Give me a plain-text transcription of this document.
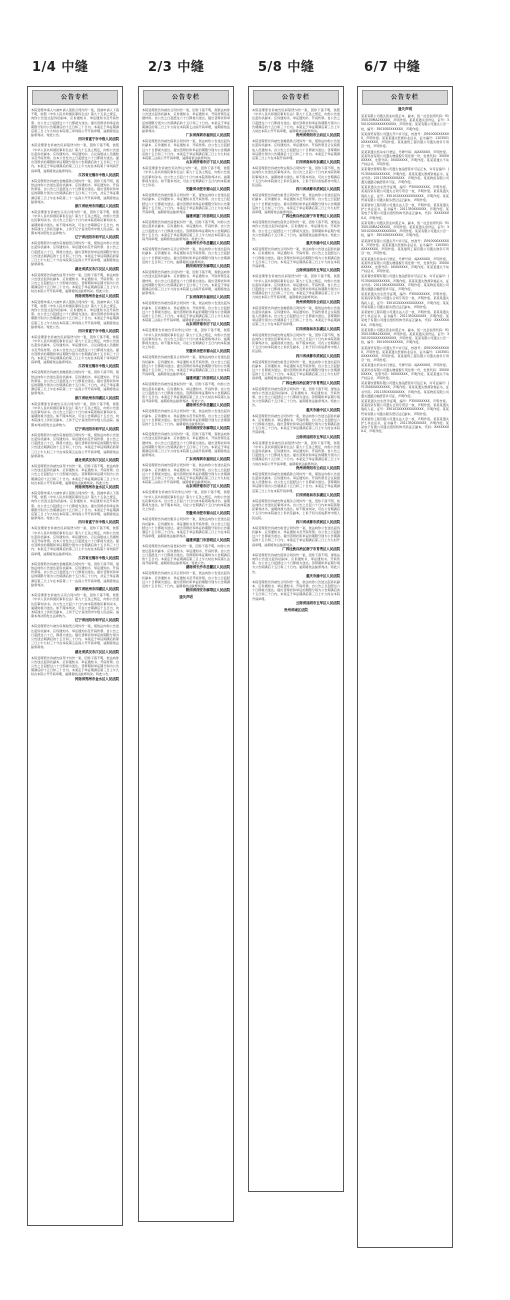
1/4 中缝
公告专栏
本院受理申请人与被申请人借款合同纠纷一案，因被申请人下落不明，依照《中华人民共和国民事诉讼法》第九十五条之规定，向你公告送达起诉状副本、应诉通知书、举证通知书及开庭传票。自公告之日起经过六十日即视为送达。提出答辩状和举证的期限分别为公告期满后的十五日和三十日内。本案定于举证期满后第三日上午九时在本院第三审判庭公开开庭审理，逾期将依法缺席判决。特此公告。
四川省遂宁市中级人民法院
本院受理原告诉被告民间借贷纠纷一案，因你下落不明，依照《中华人民共和国民事诉讼法》第九十五条之规定，向你公告送达起诉状副本、应诉通知书、举证通知书、合议庭组成人员通知书及开庭传票。自本公告发出之日起经过六十日即视为送达。提出答辩状的期限和举证期限分别为公告期满后的十五日和三十日内。本案定于举证期满后的第三日上午九时在本院第十审判庭开庭审理，逾期将依法缺席判决。
江苏省无锡市中级人民法院
本院受理原告诉被告金融借款合同纠纷一案，因你下落不明，现依法向你公告送达起诉状副本、应诉通知书、举证通知书、开庭传票等。自公告之日起经过六十日即视为送达。提出答辩状和举证的期限分别为公告期满后的十五日和三十日内，并定于举证期满后第三日上午在本院第二十一法庭公开开庭审理，逾期将依法缺席判决。
浙江省杭州市西湖区人民法院
本院受理原告诉被告买卖合同纠纷一案，因你下落不明，依照《中华人民共和国民事诉讼法》第九十五条之规定，向你公告送达民事判决书。自公告之日起六十日内来本院领取民事判决书，逾期则视为送达。如不服本判决，可在公告期满后十五日内，向本院递交上诉状及副本，上诉于辽宁省沈阳市中级人民法院。逾期本判决即发生法律效力。
辽宁省沈阳市和平区人民法院
本院受理原告与被告房屋租赁合同纠纷一案，现依法向你公告送达起诉状副本、应诉通知书、举证通知书及开庭传票。自公告之日起经过六十日，即视为送达。提出答辩状和举证的期限分别为公告送达期满后的十五日和三十日内。本案定于举证期满后的第三日上午九时三十分在本院第五法庭公开开庭审理，逾期将依法缺席裁判。
湖北省武汉市江汉区人民法院
本院受理原告诉被告信用卡纠纷一案，因你下落不明，依法向你公告送达起诉状副本、应诉通知书、举证通知书、开庭传票。自公告之日起经过六十日即视为送达。答辩期和举证期分别为公告期满后的十五日和三十日内。本案定于举证期满后第三日上午九时在本院公开开庭审理，逾期将依法缺席判决。特此公告。
河南省郑州市金水区人民法院
本院受理申请人与被申请人借款合同纠纷一案，因被申请人下落不明，依照《中华人民共和国民事诉讼法》第九十五条之规定，向你公告送达起诉状副本、应诉通知书、举证通知书及开庭传票。自公告之日起经过六十日即视为送达。提出答辩状和举证的期限分别为公告期满后的十五日和三十日内。本案定于举证期满后第三日上午九时在本院第三审判庭公开开庭审理，逾期将依法缺席判决。特此公告。
四川省遂宁市中级人民法院
本院受理原告诉被告民间借贷纠纷一案，因你下落不明，依照《中华人民共和国民事诉讼法》第九十五条之规定，向你公告送达起诉状副本、应诉通知书、举证通知书、合议庭组成人员通知书及开庭传票。自本公告发出之日起经过六十日即视为送达。提出答辩状的期限和举证期限分别为公告期满后的十五日和三十日内。本案定于举证期满后的第三日上午九时在本院第十审判庭开庭审理，逾期将依法缺席判决。
江苏省无锡市中级人民法院
本院受理原告诉被告金融借款合同纠纷一案，因你下落不明，现依法向你公告送达起诉状副本、应诉通知书、举证通知书、开庭传票等。自公告之日起经过六十日即视为送达。提出答辩状和举证的期限分别为公告期满后的十五日和三十日内，并定于举证期满后第三日上午在本院第二十一法庭公开开庭审理，逾期将依法缺席判决。
浙江省杭州市西湖区人民法院
本院受理原告诉被告买卖合同纠纷一案，因你下落不明，依照《中华人民共和国民事诉讼法》第九十五条之规定，向你公告送达民事判决书。自公告之日起六十日内来本院领取民事判决书，逾期则视为送达。如不服本判决，可在公告期满后十五日内，向本院递交上诉状及副本，上诉于辽宁省沈阳市中级人民法院。逾期本判决即发生法律效力。
辽宁省沈阳市和平区人民法院
本院受理原告与被告房屋租赁合同纠纷一案，现依法向你公告送达起诉状副本、应诉通知书、举证通知书及开庭传票。自公告之日起经过六十日，即视为送达。提出答辩状和举证的期限分别为公告送达期满后的十五日和三十日内。本案定于举证期满后的第三日上午九时三十分在本院第五法庭公开开庭审理，逾期将依法缺席裁判。
湖北省武汉市江汉区人民法院
本院受理原告诉被告信用卡纠纷一案，因你下落不明，依法向你公告送达起诉状副本、应诉通知书、举证通知书、开庭传票。自公告之日起经过六十日即视为送达。答辩期和举证期分别为公告期满后的十五日和三十日内。本案定于举证期满后第三日上午九时在本院公开开庭审理，逾期将依法缺席判决。特此公告。
河南省郑州市金水区人民法院
本院受理申请人与被申请人借款合同纠纷一案，因被申请人下落不明，依照《中华人民共和国民事诉讼法》第九十五条之规定，向你公告送达起诉状副本、应诉通知书、举证通知书及开庭传票。自公告之日起经过六十日即视为送达。提出答辩状和举证的期限分别为公告期满后的十五日和三十日内。本案定于举证期满后第三日上午九时在本院第三审判庭公开开庭审理，逾期将依法缺席判决。特此公告。
四川省遂宁市中级人民法院
本院受理原告诉被告民间借贷纠纷一案，因你下落不明，依照《中华人民共和国民事诉讼法》第九十五条之规定，向你公告送达起诉状副本、应诉通知书、举证通知书、合议庭组成人员通知书及开庭传票。自本公告发出之日起经过六十日即视为送达。提出答辩状的期限和举证期限分别为公告期满后的十五日和三十日内。本案定于举证期满后的第三日上午九时在本院第十审判庭开庭审理，逾期将依法缺席判决。
江苏省无锡市中级人民法院
本院受理原告诉被告金融借款合同纠纷一案，因你下落不明，现依法向你公告送达起诉状副本、应诉通知书、举证通知书、开庭传票等。自公告之日起经过六十日即视为送达。提出答辩状和举证的期限分别为公告期满后的十五日和三十日内，并定于举证期满后第三日上午在本院第二十一法庭公开开庭审理，逾期将依法缺席判决。
浙江省杭州市西湖区人民法院
本院受理原告诉被告买卖合同纠纷一案，因你下落不明，依照《中华人民共和国民事诉讼法》第九十五条之规定，向你公告送达民事判决书。自公告之日起六十日内来本院领取民事判决书，逾期则视为送达。如不服本判决，可在公告期满后十五日内，向本院递交上诉状及副本，上诉于辽宁省沈阳市中级人民法院。逾期本判决即发生法律效力。
辽宁省沈阳市和平区人民法院
本院受理原告与被告房屋租赁合同纠纷一案，现依法向你公告送达起诉状副本、应诉通知书、举证通知书及开庭传票。自公告之日起经过六十日，即视为送达。提出答辩状和举证的期限分别为公告送达期满后的十五日和三十日内。本案定于举证期满后的第三日上午九时三十分在本院第五法庭公开开庭审理，逾期将依法缺席裁判。
湖北省武汉市江汉区人民法院
本院受理原告诉被告信用卡纠纷一案，因你下落不明，依法向你公告送达起诉状副本、应诉通知书、举证通知书、开庭传票。自公告之日起经过六十日即视为送达。答辩期和举证期分别为公告期满后的十五日和三十日内。本案定于举证期满后第三日上午九时在本院公开开庭审理，逾期将依法缺席判决。特此公告。
河南省郑州市金水区人民法院
2/3 中缝
公告专栏
本院受理原告诉被告合同纠纷一案，因你下落不明，现依法向你公告送达起诉状副本、应诉通知书、举证通知书、开庭传票及证据材料。自公告之日起经过六十日即视为送达。提出答辩状和举证的期限分别为公告期满后的十五日和三十日内。本案定于举证期满后的第三日上午九时在本院第七法庭开庭审理，逾期将依法缺席判决。
广东省深圳市福田区人民法院
本院受理原告诉被告借款合同纠纷一案，依法向你公告送达起诉状副本、应诉通知书、举证通知书、开庭传票。自公告之日起经过六十日即视为送达。提出答辩状和举证的期限分别为公告期满后的十五日和三十日内。本案定于举证期满后第三日上午九时在本院第三法庭公开开庭审理，逾期将依法缺席判决。
山东省济南市历下区人民法院
本院受理原告诉被告劳动争议纠纷一案，因你下落不明，依照《中华人民共和国民事诉讼法》第九十五条之规定，向你公告送达民事判决书。自公告之日起六十日内来本院领取判决书，逾期即视为送达。如不服本判决，可在公告期满后十五日内向本院递交上诉状。
安徽省合肥市蜀山区人民法院
本院受理原告诉被告服务合同纠纷一案，现依法向你公告送达起诉状副本、应诉通知书、举证通知书及开庭传票。自公告之日起经过六十日即视为送达。提出答辩状和举证的期限分别为公告期满后十五日和三十日内。本案定于举证期满后第三日上午在本院开庭审理，逾期将依法缺席判决。
福建省厦门市思明区人民法院
本院受理原告诉被告追偿权纠纷一案，因你下落不明，向你公告送达起诉状副本、应诉通知书、举证通知书、开庭传票。自公告之日起经过六十日即视为送达。答辩期和举证期均为公告期满后的十五日内。本案定于举证期满后第三日上午九时在本院第九法庭开庭审理，逾期将依法缺席判决。特此公告。
湖南省长沙市岳麓区人民法院
本院受理原告诉被告买卖合同纠纷一案，依法向你公告送达起诉状副本、应诉通知书、举证通知书及开庭传票。自公告之日起经过六十日即视为送达。提出答辩状和举证的期限分别为公告期满后的十五日和三十日内。逾期将依法缺席判决。
陕西省西安市雁塔区人民法院
本院受理原告诉被告合同纠纷一案，因你下落不明，现依法向你公告送达起诉状副本、应诉通知书、举证通知书、开庭传票及证据材料。自公告之日起经过六十日即视为送达。提出答辩状和举证的期限分别为公告期满后的十五日和三十日内。本案定于举证期满后的第三日上午九时在本院第七法庭开庭审理，逾期将依法缺席判决。
广东省深圳市福田区人民法院
本院受理原告诉被告借款合同纠纷一案，依法向你公告送达起诉状副本、应诉通知书、举证通知书、开庭传票。自公告之日起经过六十日即视为送达。提出答辩状和举证的期限分别为公告期满后的十五日和三十日内。本案定于举证期满后第三日上午九时在本院第三法庭公开开庭审理，逾期将依法缺席判决。
山东省济南市历下区人民法院
本院受理原告诉被告劳动争议纠纷一案，因你下落不明，依照《中华人民共和国民事诉讼法》第九十五条之规定，向你公告送达民事判决书。自公告之日起六十日内来本院领取判决书，逾期即视为送达。如不服本判决，可在公告期满后十五日内向本院递交上诉状。
安徽省合肥市蜀山区人民法院
本院受理原告诉被告服务合同纠纷一案，现依法向你公告送达起诉状副本、应诉通知书、举证通知书及开庭传票。自公告之日起经过六十日即视为送达。提出答辩状和举证的期限分别为公告期满后十五日和三十日内。本案定于举证期满后第三日上午在本院开庭审理，逾期将依法缺席判决。
福建省厦门市思明区人民法院
本院受理原告诉被告追偿权纠纷一案，因你下落不明，向你公告送达起诉状副本、应诉通知书、举证通知书、开庭传票。自公告之日起经过六十日即视为送达。答辩期和举证期均为公告期满后的十五日内。本案定于举证期满后第三日上午九时在本院第九法庭开庭审理，逾期将依法缺席判决。特此公告。
湖南省长沙市岳麓区人民法院
本院受理原告诉被告买卖合同纠纷一案，依法向你公告送达起诉状副本、应诉通知书、举证通知书及开庭传票。自公告之日起经过六十日即视为送达。提出答辩状和举证的期限分别为公告期满后的十五日和三十日内。逾期将依法缺席判决。
陕西省西安市雁塔区人民法院
本院受理原告诉被告合同纠纷一案，因你下落不明，现依法向你公告送达起诉状副本、应诉通知书、举证通知书、开庭传票及证据材料。自公告之日起经过六十日即视为送达。提出答辩状和举证的期限分别为公告期满后的十五日和三十日内。本案定于举证期满后的第三日上午九时在本院第七法庭开庭审理，逾期将依法缺席判决。
广东省深圳市福田区人民法院
本院受理原告诉被告借款合同纠纷一案，依法向你公告送达起诉状副本、应诉通知书、举证通知书、开庭传票。自公告之日起经过六十日即视为送达。提出答辩状和举证的期限分别为公告期满后的十五日和三十日内。本案定于举证期满后第三日上午九时在本院第三法庭公开开庭审理，逾期将依法缺席判决。
山东省济南市历下区人民法院
本院受理原告诉被告劳动争议纠纷一案，因你下落不明，依照《中华人民共和国民事诉讼法》第九十五条之规定，向你公告送达民事判决书。自公告之日起六十日内来本院领取判决书，逾期即视为送达。如不服本判决，可在公告期满后十五日内向本院递交上诉状。
安徽省合肥市蜀山区人民法院
本院受理原告诉被告服务合同纠纷一案，现依法向你公告送达起诉状副本、应诉通知书、举证通知书及开庭传票。自公告之日起经过六十日即视为送达。提出答辩状和举证的期限分别为公告期满后十五日和三十日内。本案定于举证期满后第三日上午在本院开庭审理，逾期将依法缺席判决。
福建省厦门市思明区人民法院
本院受理原告诉被告追偿权纠纷一案，因你下落不明，向你公告送达起诉状副本、应诉通知书、举证通知书、开庭传票。自公告之日起经过六十日即视为送达。答辩期和举证期均为公告期满后的十五日内。本案定于举证期满后第三日上午九时在本院第九法庭开庭审理，逾期将依法缺席判决。特此公告。
湖南省长沙市岳麓区人民法院
本院受理原告诉被告买卖合同纠纷一案，依法向你公告送达起诉状副本、应诉通知书、举证通知书及开庭传票。自公告之日起经过六十日即视为送达。提出答辩状和举证的期限分别为公告期满后的十五日和三十日内。逾期将依法缺席判决。
陕西省西安市雁塔区人民法院
遗失声明
5/8 中缝
公告专栏
本院受理原告诉被告民间借贷纠纷一案，因你下落不明，依照《中华人民共和国民事诉讼法》第九十五条之规定，向你公告送达起诉状副本、应诉通知书、举证通知书、开庭传票。自公告之日起经过六十日即视为送达。提出答辩状和举证的期限分别为公告期满后的十五日和三十日内。本案定于举证期满后第三日上午九时在本院公开开庭审理，逾期将依法缺席判决。
贵州省贵阳市云岩区人民法院
本院受理原告诉被告金融借款合同纠纷一案，现依法向你公告送达起诉状副本、应诉通知书、举证通知书、开庭传票及合议庭组成人员通知书。自公告之日起经过六十日即视为送达。答辩期和举证期分别为公告期满后十五日和三十日内。本案定于举证期满后第三日上午在本院开庭审理。
江西省南昌市东湖区人民法院
本院受理原告诉被告物业服务合同纠纷一案，因你下落不明，依法向你公告送达民事判决书。自公告之日起六十日内来本院领取民事判决书，逾期则视为送达。如不服本判决，可在公告期满后十五日内向本院递交上诉状及副本，上诉于四川省成都市中级人民法院。
四川省成都市武侯区人民法院
本院受理原告诉被告租赁合同纠纷一案，依法向你公告送达起诉状副本、应诉通知书、举证通知书及开庭传票。自公告之日起经过六十日即视为送达。提出答辩状和举证的期限分别为公告期满后的十五日和三十日内。本案定于举证期满后第三日上午九时开庭审理，逾期将依法缺席判决。
广西壮族自治区南宁市青秀区人民法院
本院受理原告诉被告借款合同纠纷一案，因你下落不明，现依法向你公告送达起诉状副本、应诉通知书、举证通知书、开庭传票。自公告之日起经过六十日即视为送达。答辩期和举证期分别为公告期满后十五日和三十日内。逾期将依法缺席判决。特此公告。
重庆市渝中区人民法院
本院受理原告诉被告合同纠纷一案，依法向你公告送达起诉状副本、应诉通知书、举证通知书、开庭传票。自公告之日起经过六十日即视为送达。提出答辩状和举证的期限分别为公告期满后的十五日和三十日内。本案定于举证期满后第三日上午九时在本院开庭审理。
云南省昆明市五华区人民法院
本院受理原告诉被告民间借贷纠纷一案，因你下落不明，依照《中华人民共和国民事诉讼法》第九十五条之规定，向你公告送达起诉状副本、应诉通知书、举证通知书、开庭传票。自公告之日起经过六十日即视为送达。提出答辩状和举证的期限分别为公告期满后的十五日和三十日内。本案定于举证期满后第三日上午九时在本院公开开庭审理，逾期将依法缺席判决。
贵州省贵阳市云岩区人民法院
本院受理原告诉被告金融借款合同纠纷一案，现依法向你公告送达起诉状副本、应诉通知书、举证通知书、开庭传票及合议庭组成人员通知书。自公告之日起经过六十日即视为送达。答辩期和举证期分别为公告期满后十五日和三十日内。本案定于举证期满后第三日上午在本院开庭审理。
江西省南昌市东湖区人民法院
本院受理原告诉被告物业服务合同纠纷一案，因你下落不明，依法向你公告送达民事判决书。自公告之日起六十日内来本院领取民事判决书，逾期则视为送达。如不服本判决，可在公告期满后十五日内向本院递交上诉状及副本，上诉于四川省成都市中级人民法院。
四川省成都市武侯区人民法院
本院受理原告诉被告租赁合同纠纷一案，依法向你公告送达起诉状副本、应诉通知书、举证通知书及开庭传票。自公告之日起经过六十日即视为送达。提出答辩状和举证的期限分别为公告期满后的十五日和三十日内。本案定于举证期满后第三日上午九时开庭审理，逾期将依法缺席判决。
广西壮族自治区南宁市青秀区人民法院
本院受理原告诉被告借款合同纠纷一案，因你下落不明，现依法向你公告送达起诉状副本、应诉通知书、举证通知书、开庭传票。自公告之日起经过六十日即视为送达。答辩期和举证期分别为公告期满后十五日和三十日内。逾期将依法缺席判决。特此公告。
重庆市渝中区人民法院
本院受理原告诉被告合同纠纷一案，依法向你公告送达起诉状副本、应诉通知书、举证通知书、开庭传票。自公告之日起经过六十日即视为送达。提出答辩状和举证的期限分别为公告期满后的十五日和三十日内。本案定于举证期满后第三日上午九时在本院开庭审理。
云南省昆明市五华区人民法院
本院受理原告诉被告民间借贷纠纷一案，因你下落不明，依照《中华人民共和国民事诉讼法》第九十五条之规定，向你公告送达起诉状副本、应诉通知书、举证通知书、开庭传票。自公告之日起经过六十日即视为送达。提出答辩状和举证的期限分别为公告期满后的十五日和三十日内。本案定于举证期满后第三日上午九时在本院公开开庭审理，逾期将依法缺席判决。
贵州省贵阳市云岩区人民法院
本院受理原告诉被告金融借款合同纠纷一案，现依法向你公告送达起诉状副本、应诉通知书、举证通知书、开庭传票及合议庭组成人员通知书。自公告之日起经过六十日即视为送达。答辩期和举证期分别为公告期满后十五日和三十日内。本案定于举证期满后第三日上午在本院开庭审理。
江西省南昌市东湖区人民法院
本院受理原告诉被告物业服务合同纠纷一案，因你下落不明，依法向你公告送达民事判决书。自公告之日起六十日内来本院领取民事判决书，逾期则视为送达。如不服本判决，可在公告期满后十五日内向本院递交上诉状及副本，上诉于四川省成都市中级人民法院。
四川省成都市武侯区人民法院
本院受理原告诉被告租赁合同纠纷一案，依法向你公告送达起诉状副本、应诉通知书、举证通知书及开庭传票。自公告之日起经过六十日即视为送达。提出答辩状和举证的期限分别为公告期满后的十五日和三十日内。本案定于举证期满后第三日上午九时开庭审理，逾期将依法缺席判决。
广西壮族自治区南宁市青秀区人民法院
本院受理原告诉被告借款合同纠纷一案，因你下落不明，现依法向你公告送达起诉状副本、应诉通知书、举证通知书、开庭传票。自公告之日起经过六十日即视为送达。答辩期和举证期分别为公告期满后十五日和三十日内。逾期将依法缺席判决。特此公告。
重庆市渝中区人民法院
本院受理原告诉被告合同纠纷一案，依法向你公告送达起诉状副本、应诉通知书、举证通知书、开庭传票。自公告之日起经过六十日即视为送达。提出答辩状和举证的期限分别为公告期满后的十五日和三十日内。本案定于举证期满后第三日上午九时在本院开庭审理。
云南省昆明市五华区人民法院
贵州省城区法院
6/7 中缝
公告专栏
遗失声明
某某有限公司遗失营业执照正本、副本，统一社会信用代码：91350100MA2XXXXX，声明作废。某某某遗失身份证，证号：350102XXXXXXXXXXXX，声明作废。某某有限公司遗失公章一枚，编号：3501000XXXXXX，声明作废。
某某商贸有限公司遗失开户许可证，核准号：J3910000XXXXXX，声明作废。某某某遗失医师执业证书，证书编号：1103501XXXXXXXX，声明作废。某某建筑工程有限公司遗失财务专用章一枚，声明作废。
某某某遗失机动车行驶证，号牌号码：闽AXXXXX，声明作废。某某科技有限公司遗失增值税专用发票一份，发票代码：3500XXXXXX，发票号码：0XXXXXXX，声明作废。某某某遗失不动产权证书，声明作废。
某某餐饮管理有限公司遗失食品经营许可证正本，许可证编号：JY1350XXXXXXXXX，声明作废。某某某遗失教师资格证书，证书号码：2011350XXXXXXXX，声明作废。某某物流有限公司遗失道路运输经营许可证，声明作废。
某某某遗失出生医学证明，编号：P350XXXXXX，声明作废。某某投资有限公司遗失合同专用章一枚，声明作废。某某某遗失残疾人证，证号：350102XXXXXXXXXXXX，声明作废。某某贸易有限公司遗失税务登记证正副本，声明作废。
某某装饰工程有限公司遗失法人章一枚，声明作废。某某某遗失护士执业证书，证书编号：2011350XXXXXX，声明作废。某某电子有限公司遗失组织机构代码证正副本，代码：XXXXXXXX-X，声明作废。
某某有限公司遗失营业执照正本、副本，统一社会信用代码：91350100MA2XXXXX，声明作废。某某某遗失身份证，证号：350102XXXXXXXXXXXX，声明作废。某某有限公司遗失公章一枚，编号：3501000XXXXXX，声明作废。
某某商贸有限公司遗失开户许可证，核准号：J3910000XXXXXX，声明作废。某某某遗失医师执业证书，证书编号：1103501XXXXXXXX，声明作废。某某建筑工程有限公司遗失财务专用章一枚，声明作废。
某某某遗失机动车行驶证，号牌号码：闽AXXXXX，声明作废。某某科技有限公司遗失增值税专用发票一份，发票代码：3500XXXXXX，发票号码：0XXXXXXX，声明作废。某某某遗失不动产权证书，声明作废。
某某餐饮管理有限公司遗失食品经营许可证正本，许可证编号：JY1350XXXXXXXXX，声明作废。某某某遗失教师资格证书，证书号码：2011350XXXXXXXX，声明作废。某某物流有限公司遗失道路运输经营许可证，声明作废。
某某某遗失出生医学证明，编号：P350XXXXXX，声明作废。某某投资有限公司遗失合同专用章一枚，声明作废。某某某遗失残疾人证，证号：350102XXXXXXXXXXXX，声明作废。某某贸易有限公司遗失税务登记证正副本，声明作废。
某某装饰工程有限公司遗失法人章一枚，声明作废。某某某遗失护士执业证书，证书编号：2011350XXXXXX，声明作废。某某电子有限公司遗失组织机构代码证正副本，代码：XXXXXXXX-X，声明作废。
某某有限公司遗失营业执照正本、副本，统一社会信用代码：91350100MA2XXXXX，声明作废。某某某遗失身份证，证号：350102XXXXXXXXXXXX，声明作废。某某有限公司遗失公章一枚，编号：3501000XXXXXX，声明作废。
某某商贸有限公司遗失开户许可证，核准号：J3910000XXXXXX，声明作废。某某某遗失医师执业证书，证书编号：1103501XXXXXXXX，声明作废。某某建筑工程有限公司遗失财务专用章一枚，声明作废。
某某某遗失机动车行驶证，号牌号码：闽AXXXXX，声明作废。某某科技有限公司遗失增值税专用发票一份，发票代码：3500XXXXXX，发票号码：0XXXXXXX，声明作废。某某某遗失不动产权证书，声明作废。
某某餐饮管理有限公司遗失食品经营许可证正本，许可证编号：JY1350XXXXXXXXX，声明作废。某某某遗失教师资格证书，证书号码：2011350XXXXXXXX，声明作废。某某物流有限公司遗失道路运输经营许可证，声明作废。
某某某遗失出生医学证明，编号：P350XXXXXX，声明作废。某某投资有限公司遗失合同专用章一枚，声明作废。某某某遗失残疾人证，证号：350102XXXXXXXXXXXX，声明作废。某某贸易有限公司遗失税务登记证正副本，声明作废。
某某装饰工程有限公司遗失法人章一枚，声明作废。某某某遗失护士执业证书，证书编号：2011350XXXXXX，声明作废。某某电子有限公司遗失组织机构代码证正副本，代码：XXXXXXXX-X，声明作废。
